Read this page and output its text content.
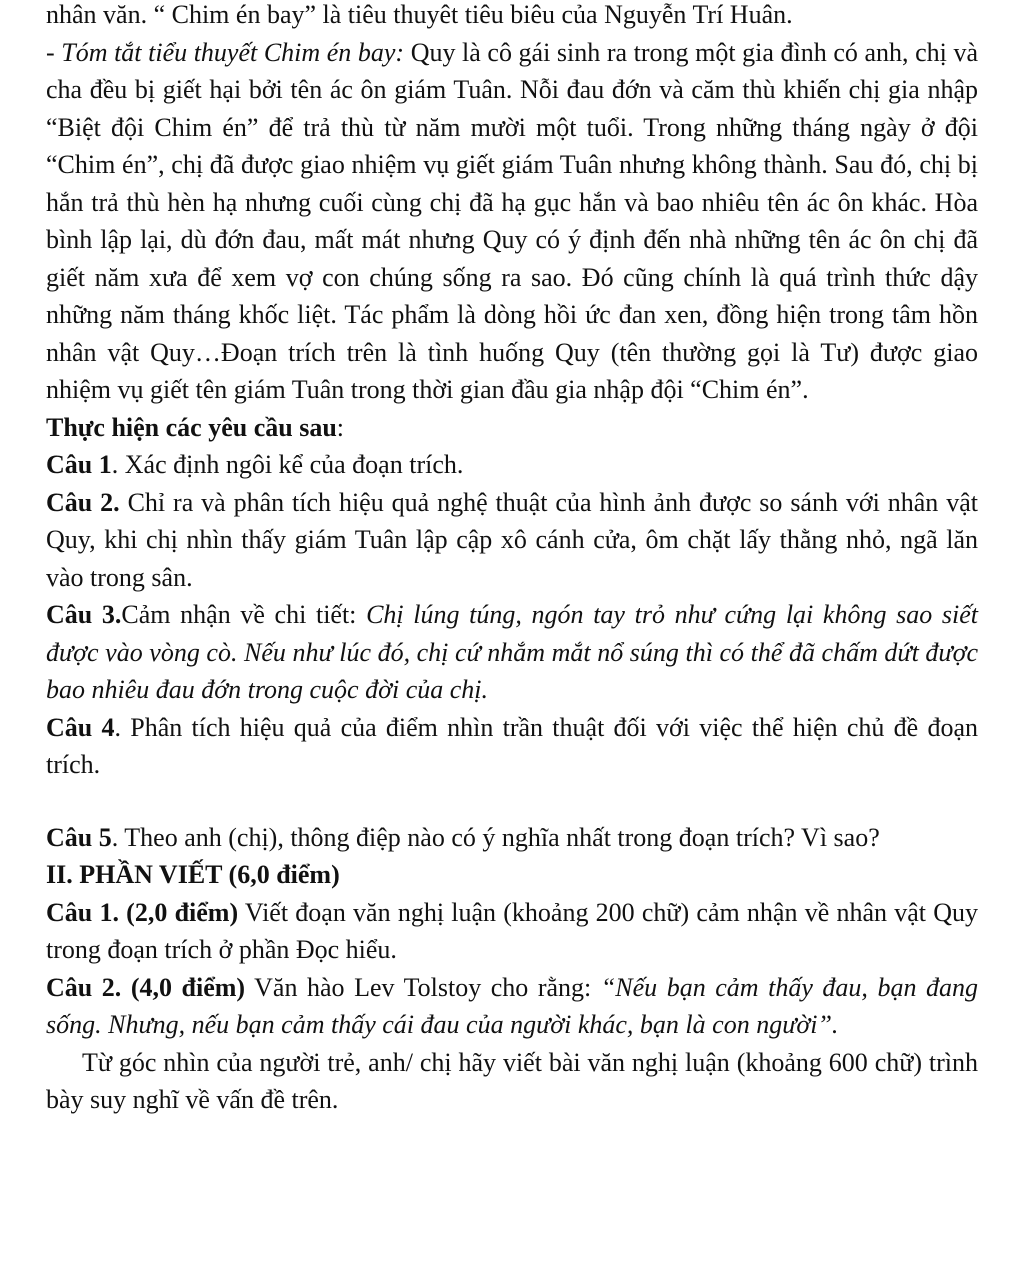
nhân văn. “ Chim én bay” là tiêu thuyêt tiêu biêu của Nguyễn Trí Huân.

- Tóm tắt tiểu thuyết Chim én bay: Quy là cô gái sinh ra trong một gia đình có anh, chị và cha đều bị giết hại bởi tên ác ôn giám Tuân. Nỗi đau đớn và căm thù khiến chị gia nhập “Biệt đội Chim én” để trả thù từ năm mười một tuổi. Trong những tháng ngày ở đội “Chim én”, chị đã được giao nhiệm vụ giết giám Tuân nhưng không thành. Sau đó, chị bị hắn trả thù hèn hạ nhưng cuối cùng chị đã hạ gục hắn và bao nhiêu tên ác ôn khác. Hòa bình lập lại, dù đớn đau, mất mát nhưng Quy có ý định đến nhà những tên ác ôn chị đã giết năm xưa để xem vợ con chúng sống ra sao. Đó cũng chính là quá trình thức dậy những năm tháng khốc liệt. Tác phẩm là dòng hồi ức đan xen, đồng hiện trong tâm hồn nhân vật Quy…Đoạn trích trên là tình huống Quy (tên thường gọi là Tư) được giao nhiệm vụ giết tên giám Tuân trong thời gian đầu gia nhập đội “Chim én”.

Thực hiện các yêu cầu sau:

Câu 1. Xác định ngôi kể của đoạn trích.

Câu 2. Chỉ ra và phân tích hiệu quả nghệ thuật của hình ảnh được so sánh với nhân vật Quy, khi chị nhìn thấy giám Tuân lập cập xô cánh cửa, ôm chặt lấy thằng nhỏ, ngã lăn vào trong sân.

Câu 3.Cảm nhận về chi tiết: Chị lúng túng, ngón tay trỏ như cứng lại không sao siết được vào vòng cò. Nếu như lúc đó, chị cứ nhắm mắt nổ súng thì có thể đã chấm dứt được bao nhiêu đau đớn trong cuộc đời của chị.

Câu 4. Phân tích hiệu quả của điểm nhìn trần thuật đối với việc thể hiện chủ đề đoạn trích.

Câu 5. Theo anh (chị), thông điệp nào có ý nghĩa nhất trong đoạn trích? Vì sao?

II. PHẦN VIẾT (6,0 điểm)

Câu 1. (2,0 điểm) Viết đoạn văn nghị luận (khoảng 200 chữ) cảm nhận về nhân vật Quy trong đoạn trích ở phần Đọc hiểu.

Câu 2. (4,0 điểm) Văn hào Lev Tolstoy cho rằng: “Nếu bạn cảm thấy đau, bạn đang sống. Nhưng, nếu bạn cảm thấy cái đau của người khác, bạn là con người”.

Từ góc nhìn của người trẻ, anh/ chị hãy viết bài văn nghị luận (khoảng 600 chữ) trình bày suy nghĩ về vấn đề trên.
